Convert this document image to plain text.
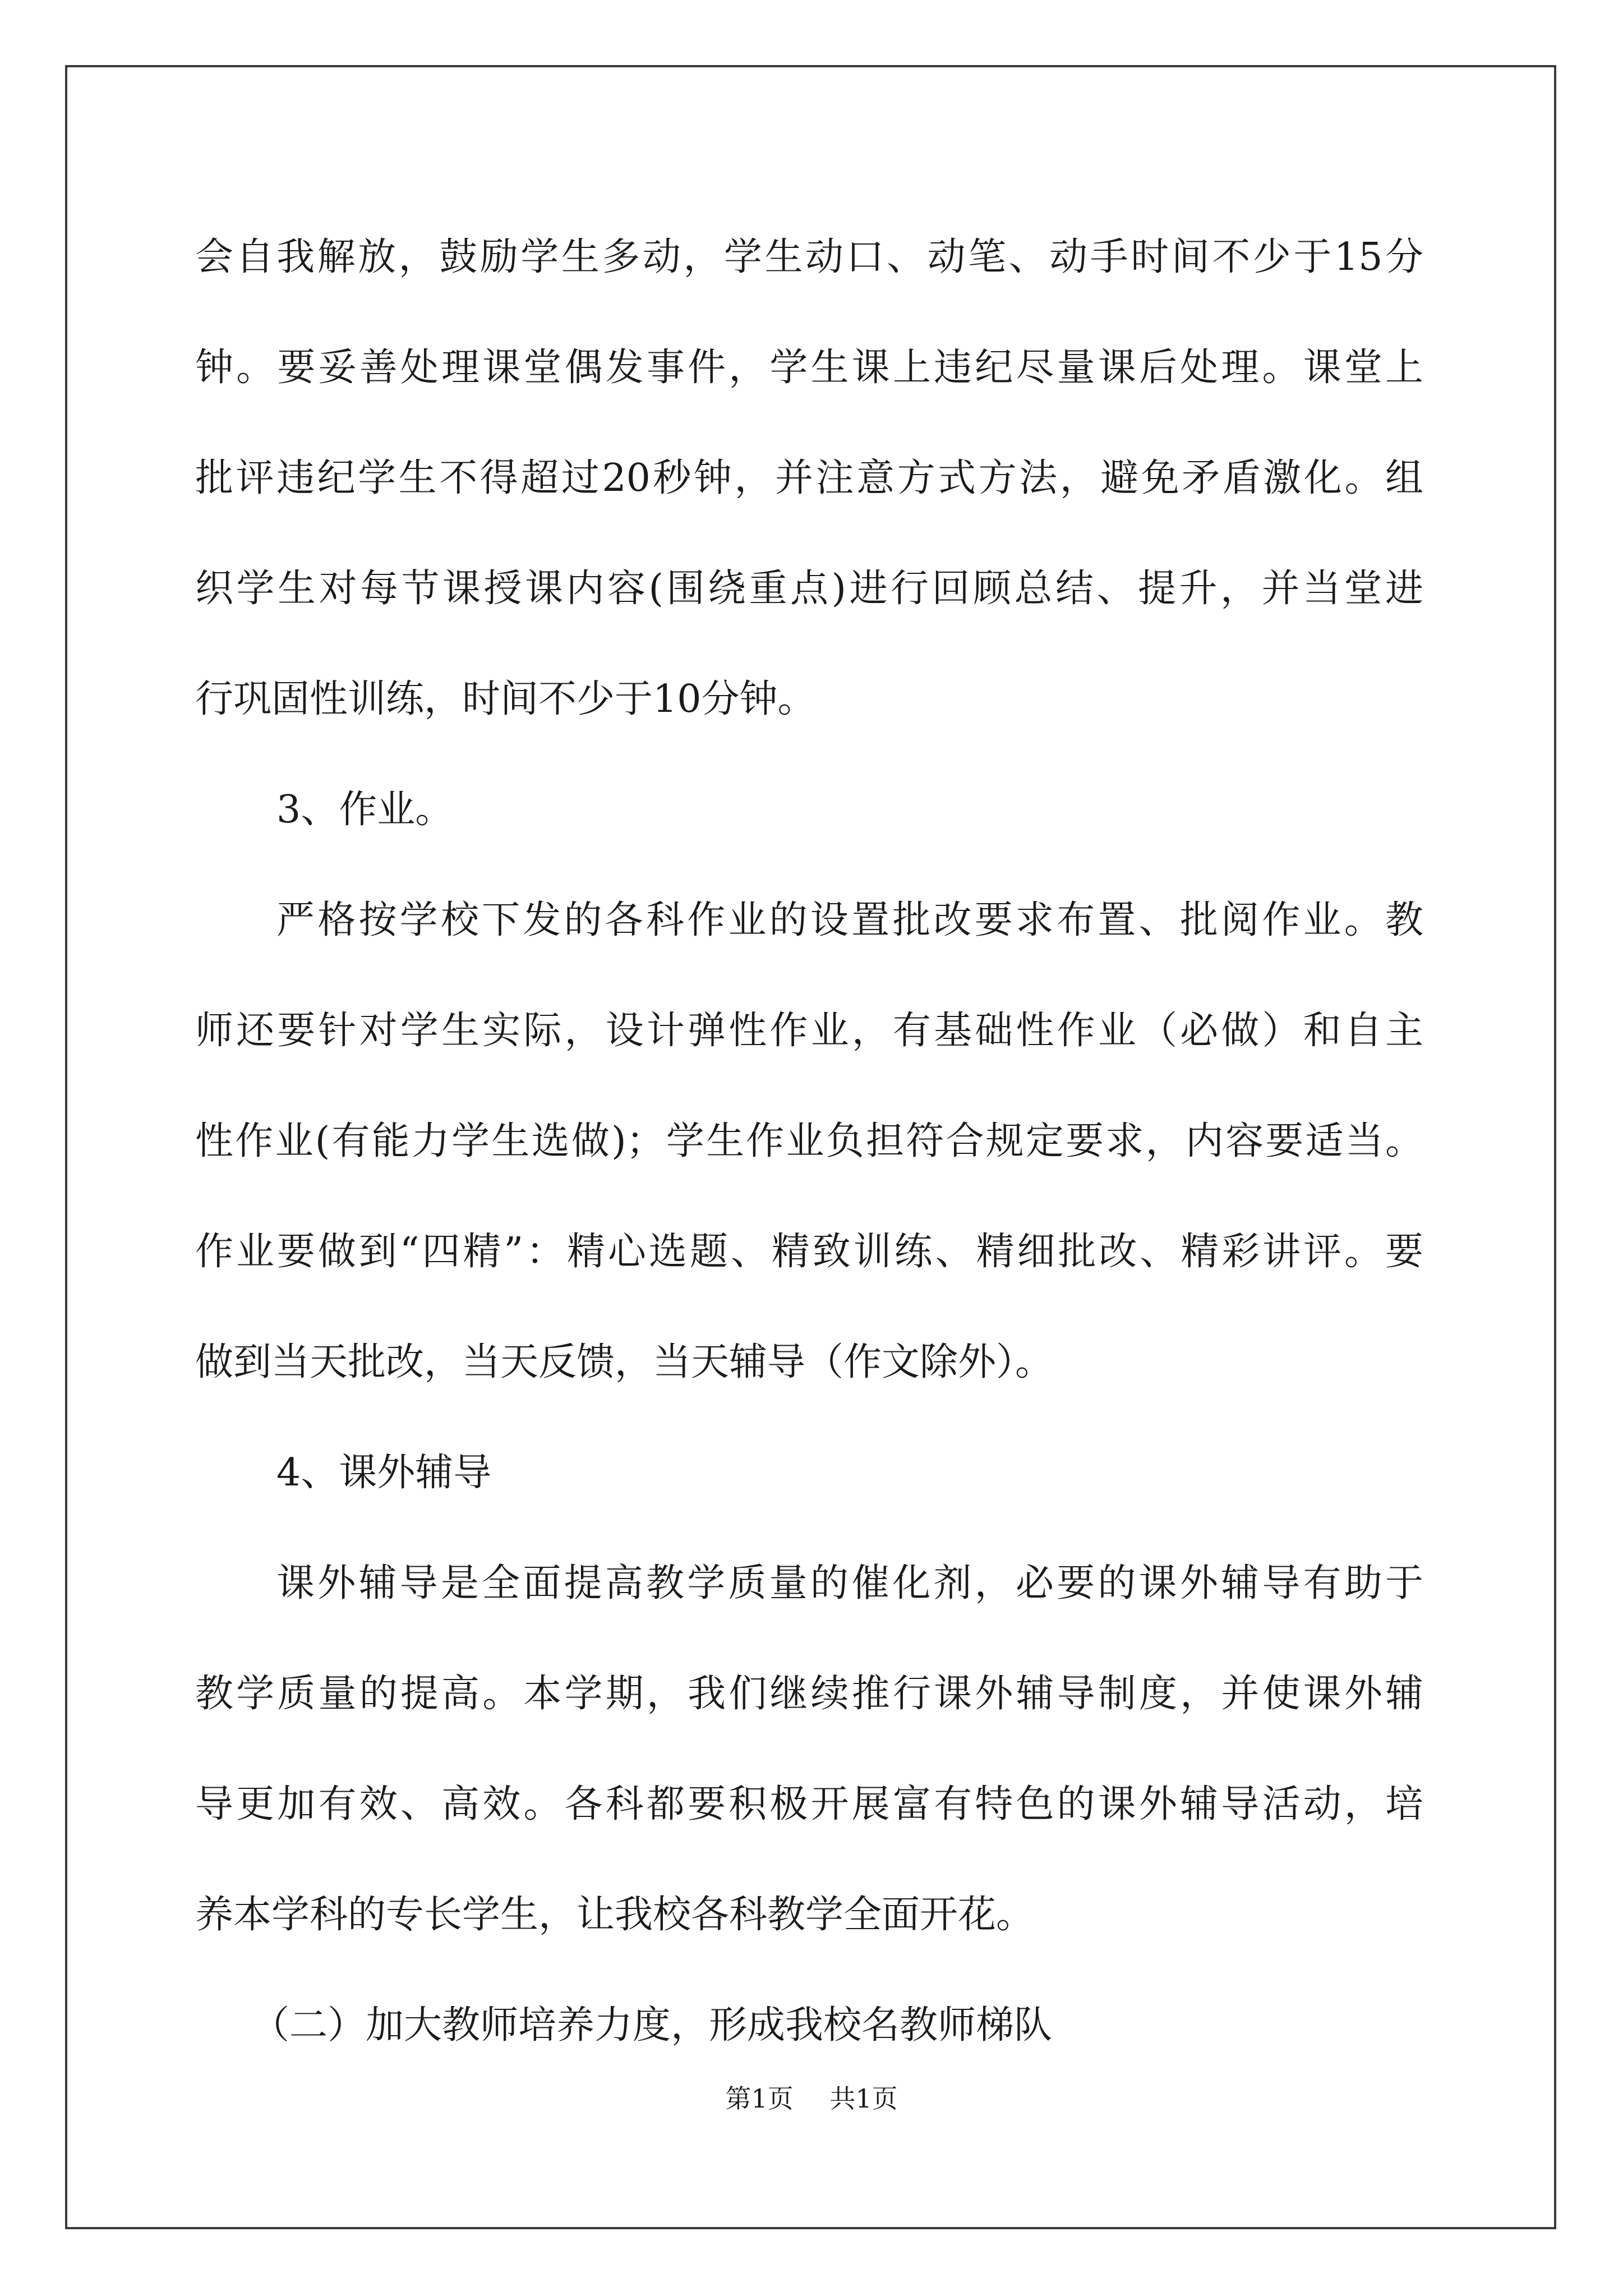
会自我解放，鼓励学生多动，学生动口、动笔、动手时间不少于15分
钟。要妥善处理课堂偶发事件，学生课上违纪尽量课后处理。课堂上
批评违纪学生不得超过20秒钟，并注意方式方法，避免矛盾激化。组
织学生对每节课授课内容(围绕重点)进行回顾总结、提升，并当堂进
行巩固性训练，时间不少于10分钟。
3、作业。
严格按学校下发的各科作业的设置批改要求布置、批阅作业。教
师还要针对学生实际，设计弹性作业，有基础性作业（必做）和自主
性作业(有能力学生选做)；学生作业负担符合规定要求，内容要适当。
作业要做到“四精”：精心选题、精致训练、精细批改、精彩讲评。要
做到当天批改，当天反馈，当天辅导（作文除外）。
4、课外辅导
课外辅导是全面提高教学质量的催化剂，必要的课外辅导有助于
教学质量的提高。本学期，我们继续推行课外辅导制度，并使课外辅
导更加有效、高效。各科都要积极开展富有特色的课外辅导活动，培
养本学科的专长学生，让我校各科教学全面开花。
（二）加大教师培养力度，形成我校名教师梯队
第1页 共1页
